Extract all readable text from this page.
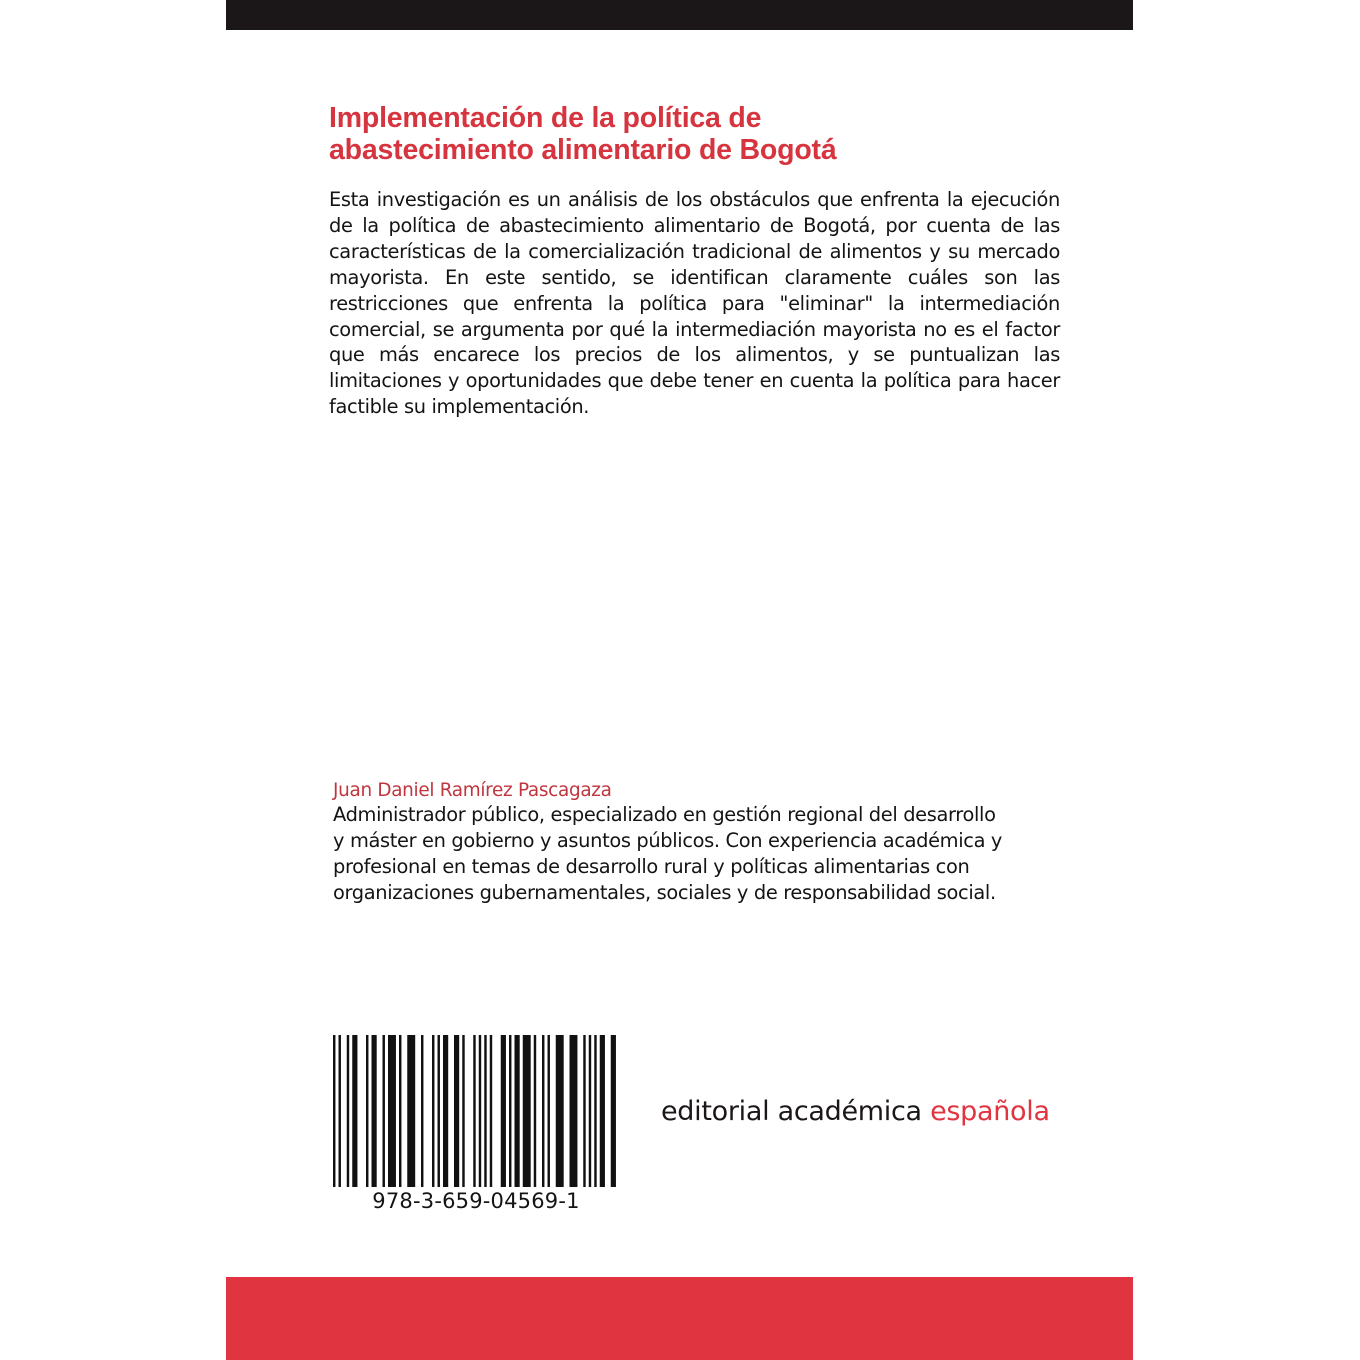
Implementación de la política de
abastecimiento alimentario de Bogotá

Esta investigación es un análisis de los obstáculos que enfrenta la ejecución de la política de abastecimiento alimentario de Bogotá, por cuenta de las características de la comercialización tradicional de alimentos y su mercado mayorista. En este sentido, se identifican claramente cuáles son las restricciones que enfrenta la política para "eliminar" la intermediación comercial, se argumenta por qué la intermediación mayorista no es el factor que más encarece los precios de los alimentos, y se puntualizan las limitaciones y oportunidades que debe tener en cuenta la política para hacer factible su implementación.

Juan Daniel Ramírez Pascagaza

Administrador público, especializado en gestión regional del desarrollo
y máster en gobierno y asuntos públicos. Con experiencia académica y
profesional en temas de desarrollo rural y políticas alimentarias con
organizaciones gubernamentales, sociales y de responsabilidad social.

978-3-659-04569-1
editorial académica española
